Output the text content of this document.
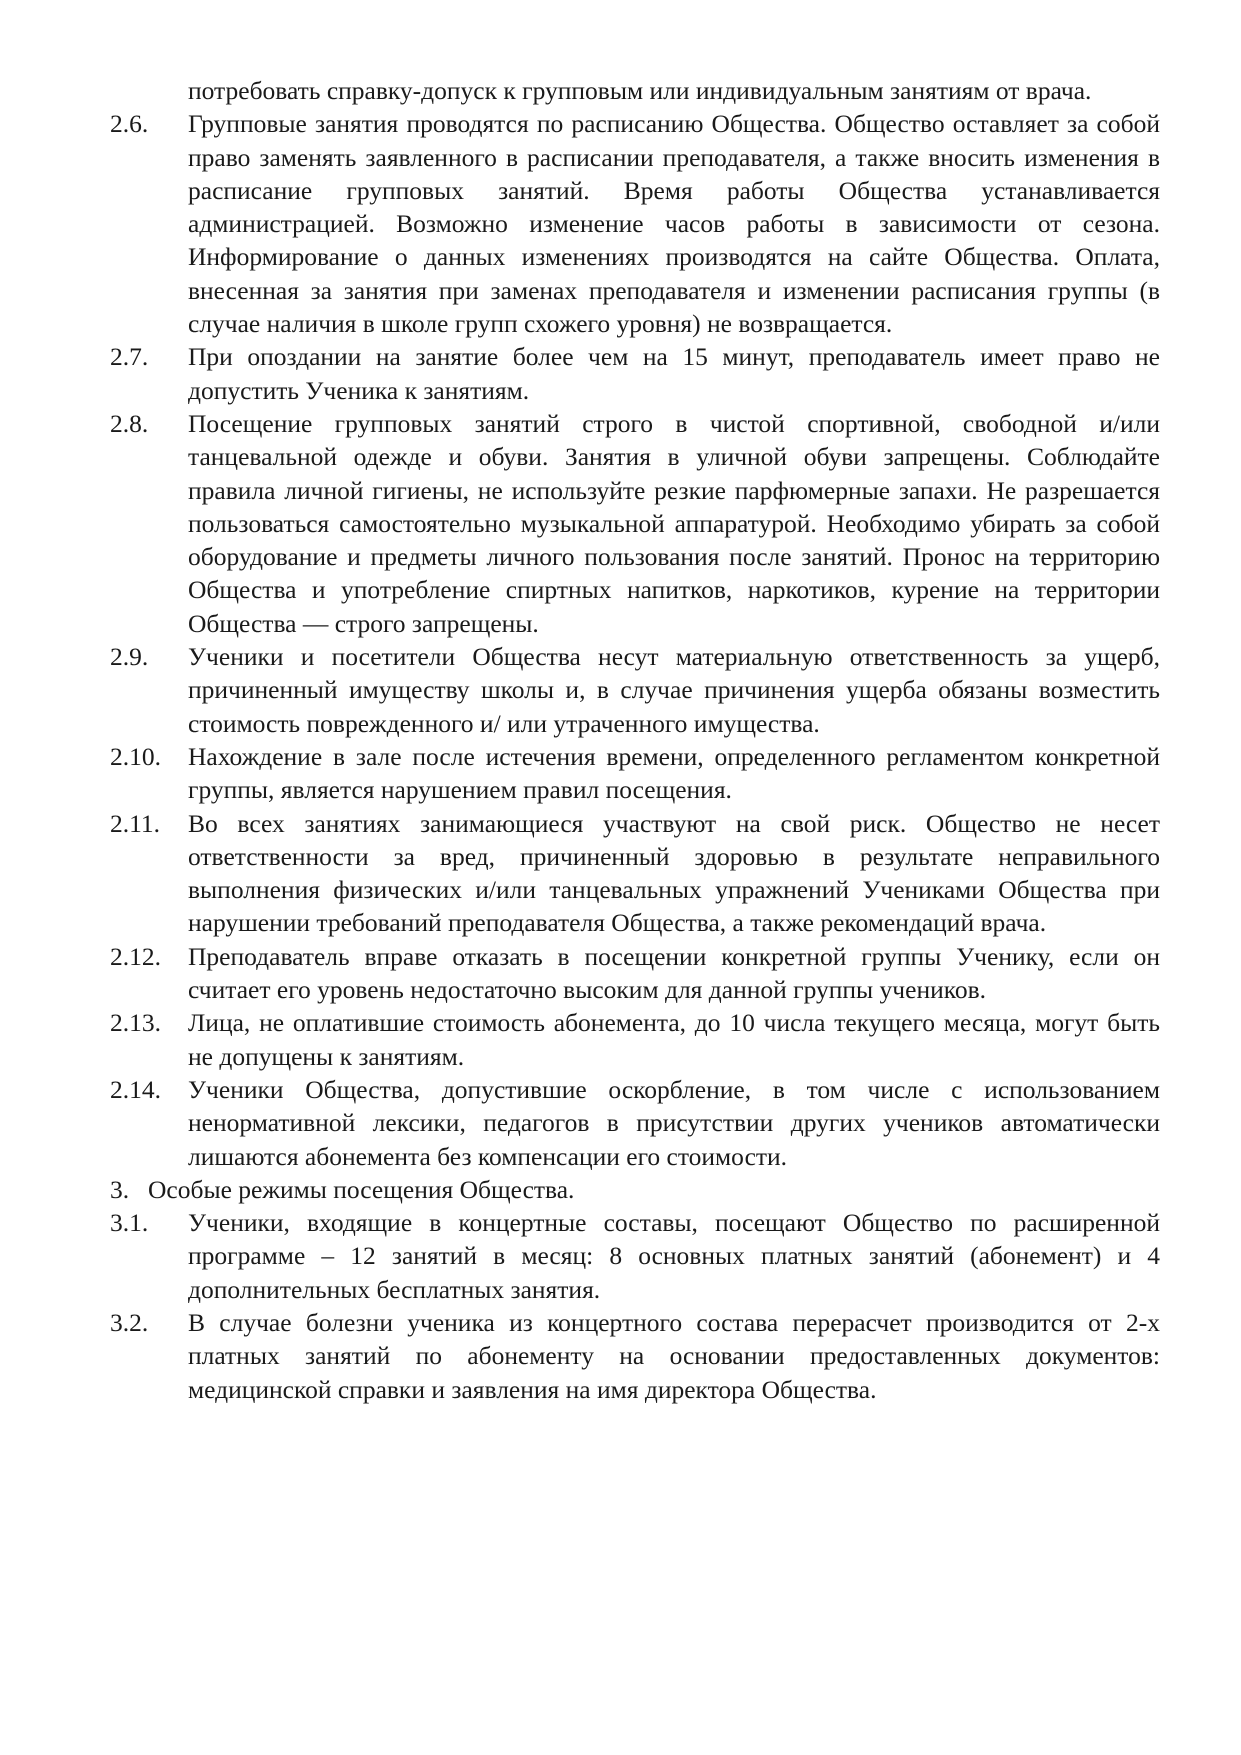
потребовать справку-допуск к групповым или индивидуальным занятиям от врача.

2.6.	Групповые занятия проводятся по расписанию Общества. Общество оставляет за собой право заменять заявленного в расписании преподавателя, а также вносить изменения в расписание групповых занятий. Время работы Общества устанавливается администрацией. Возможно изменение часов работы в зависимости от сезона. Информирование о данных изменениях производятся на сайте Общества. Оплата, внесенная за занятия при заменах преподавателя и изменении расписания группы (в случае наличия в школе групп схожего уровня) не возвращается.
2.7.	При опоздании на занятие более чем на 15 минут, преподаватель имеет право не допустить Ученика к занятиям.
2.8.	Посещение групповых занятий строго в чистой спортивной, свободной и/или танцевальной одежде и обуви. Занятия в уличной обуви запрещены. Соблюдайте правила личной гигиены, не используйте резкие парфюмерные запахи. Не разрешается пользоваться самостоятельно музыкальной аппаратурой. Необходимо убирать за собой оборудование и предметы личного пользования после занятий. Пронос на территорию Общества и употребление спиртных напитков, наркотиков, курение на территории Общества — строго запрещены.
2.9.	Ученики и посетители Общества несут материальную ответственность за ущерб, причиненный имуществу школы и, в случае причинения ущерба обязаны возместить стоимость поврежденного и/ или утраченного имущества.
2.10.	Нахождение в зале после истечения времени, определенного регламентом конкретной группы, является нарушением правил посещения.
2.11.	Во всех занятиях занимающиеся участвуют на свой риск. Общество не несет ответственности за вред, причиненный здоровью в результате неправильного выполнения физических и/или танцевальных упражнений Учениками Общества при нарушении требований преподавателя Общества, а также рекомендаций врача.
2.12.	Преподаватель вправе отказать в посещении конкретной группы Ученику, если он считает его уровень недостаточно высоким для данной группы учеников.
2.13.	Лица, не оплатившие стоимость абонемента, до 10 числа текущего месяца, могут быть не допущены к занятиям.
2.14.	Ученики Общества, допустившие оскорбление, в том числе с использованием ненормативной лексики, педагогов в присутствии других учеников автоматически лишаются абонемента без компенсации его стоимости.
3. Особые режимы посещения Общества.
3.1.	Ученики, входящие в концертные составы, посещают Общество по расширенной программе – 12 занятий в месяц: 8 основных платных занятий (абонемент) и 4 дополнительных бесплатных занятия.
3.2.	В случае болезни ученика из концертного состава перерасчет производится от 2-х платных занятий по абонементу на основании предоставленных документов: медицинской справки и заявления на имя директора Общества.
